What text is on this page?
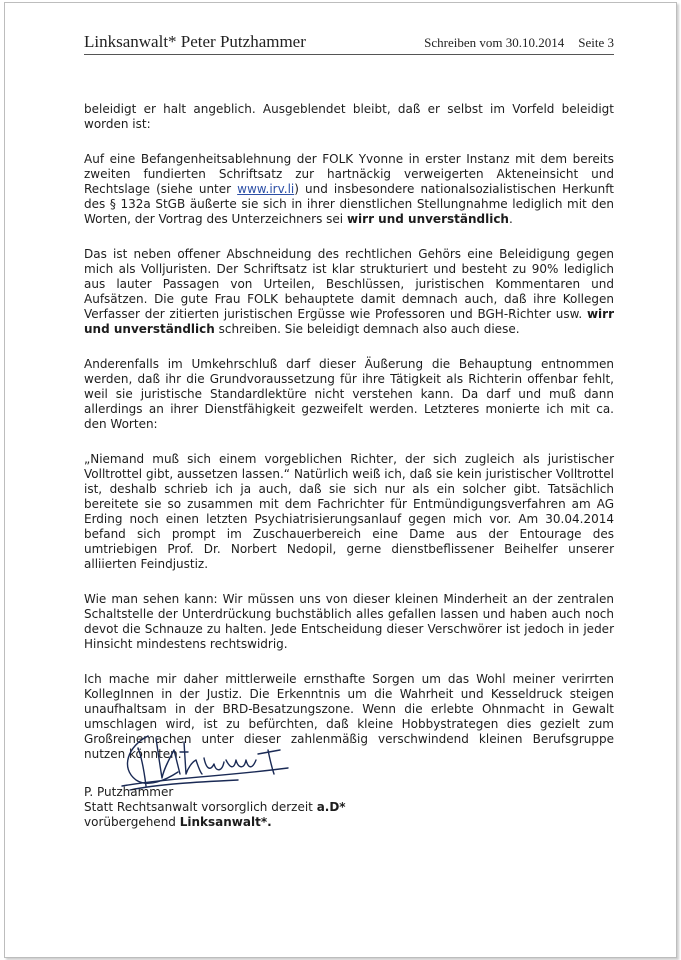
Linksanwalt* Peter Putzhammer	Schreiben vom 30.10.2014 Seite 3

beleidigt er halt angeblich. Ausgeblendet bleibt, daß er selbst im Vorfeld beleidigt worden ist:

Auf eine Befangenheitsablehnung der FOLK Yvonne in erster Instanz mit dem bereits zweiten fundierten Schriftsatz zur hartnäckig verweigerten Akteneinsicht und Rechtslage (siehe unter www.irv.li) und insbesondere nationalsozialistischen Herkunft des § 132a StGB äußerte sie sich in ihrer dienstlichen Stellungnahme lediglich mit den Worten, der Vortrag des Unterzeichners sei wirr und unverständlich.

Das ist neben offener Abschneidung des rechtlichen Gehörs eine Beleidigung gegen mich als Volljuristen. Der Schriftsatz ist klar strukturiert und besteht zu 90% lediglich aus lauter Passagen von Urteilen, Beschlüssen, juristischen Kommentaren und Aufsätzen. Die gute Frau FOLK behauptete damit demnach auch, daß ihre Kollegen Verfasser der zitierten juristischen Ergüsse wie Professoren und BGH-Richter usw. wirr und unverständlich schreiben. Sie beleidigt demnach also auch diese.

Anderenfalls im Umkehrschluß darf dieser Äußerung die Behauptung entnommen werden, daß ihr die Grundvoraussetzung für ihre Tätigkeit als Richterin offenbar fehlt, weil sie juristische Standardlektüre nicht verstehen kann. Da darf und muß dann allerdings an ihrer Dienstfähigkeit gezweifelt werden. Letzteres monierte ich mit ca. den Worten:

„Niemand muß sich einem vorgeblichen Richter, der sich zugleich als juristischer Volltrottel gibt, aussetzen lassen.“ Natürlich weiß ich, daß sie kein juristischer Volltrottel ist, deshalb schrieb ich ja auch, daß sie sich nur als ein solcher gibt. Tatsächlich bereitete sie so zusammen mit dem Fachrichter für Entmündigungsverfahren am AG Erding noch einen letzten Psychiatrisierungsanlauf gegen mich vor. Am 30.04.2014 befand sich prompt im Zuschauerbereich eine Dame aus der Entourage des umtriebigen Prof. Dr. Norbert Nedopil, gerne dienstbeflissener Beihelfer unserer alliierten Feindjustiz.

Wie man sehen kann: Wir müssen uns von dieser kleinen Minderheit an der zentralen Schaltstelle der Unterdrückung buchstäblich alles gefallen lassen und haben auch noch devot die Schnauze zu halten. Jede Entscheidung dieser Verschwörer ist jedoch in jeder Hinsicht mindestens rechtswidrig.

Ich mache mir daher mittlerweile ernsthafte Sorgen um das Wohl meiner verirrten KollegInnen in der Justiz. Die Erkenntnis um die Wahrheit und Kesseldruck steigen unaufhaltsam in der BRD-Besatzungszone. Wenn die erlebte Ohnmacht in Gewalt umschlagen wird, ist zu befürchten, daß kleine Hobbystrategen dies gezielt zum Großreinemachen unter dieser zahlenmäßig verschwindend kleinen Berufsgruppe nutzen könnten.

P. Putzhammer
Statt Rechtsanwalt vorsorglich derzeit a.D*
vorübergehend Linksanwalt*.
